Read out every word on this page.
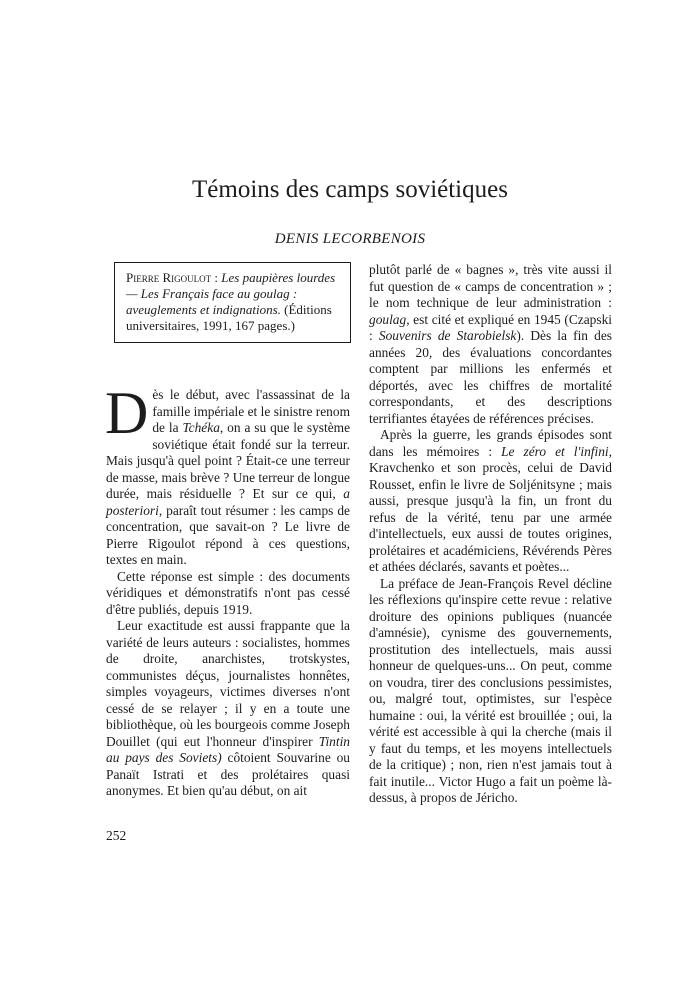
Témoins des camps soviétiques
DENIS LECORBENOIS
Pierre Rigoulot : Les paupières lourdes — Les Français face au goulag : aveuglements et indignations. (Éditions universitaires, 1991, 167 pages.)

Dès le début, avec l'assassinat de la famille impériale et le sinistre renom de la Tchéka, on a su que le système soviétique était fondé sur la terreur. Mais jusqu'à quel point ? Était-ce une terreur de masse, mais brève ? Une terreur de longue durée, mais résiduelle ? Et sur ce qui, a posteriori, paraît tout résumer : les camps de concentration, que savait-on ? Le livre de Pierre Rigoulot répond à ces questions, textes en main.

Cette réponse est simple : des documents véridiques et démonstratifs n'ont pas cessé d'être publiés, depuis 1919.

Leur exactitude est aussi frappante que la variété de leurs auteurs : socialistes, hommes de droite, anarchistes, trotskystes, communistes déçus, journalistes honnêtes, simples voyageurs, victimes diverses n'ont cessé de se relayer ; il y en a toute une bibliothèque, où les bourgeois comme Joseph Douillet (qui eut l'honneur d'inspirer Tintin au pays des Soviets) côtoient Souvarine ou Panaït Istrati et des prolétaires quasi anonymes. Et bien qu'au début, on ait

plutôt parlé de « bagnes », très vite aussi il fut question de « camps de concentration » ; le nom technique de leur administration : goulag, est cité et expliqué en 1945 (Czapski : Souvenirs de Starobielsk). Dès la fin des années 20, des évaluations concordantes comptent par millions les enfermés et déportés, avec les chiffres de mortalité correspondants, et des descriptions terrifiantes étayées de références précises.

Après la guerre, les grands épisodes sont dans les mémoires : Le zéro et l'infini, Kravchenko et son procès, celui de David Rousset, enfin le livre de Soljénitsyne ; mais aussi, presque jusqu'à la fin, un front du refus de la vérité, tenu par une armée d'intellectuels, eux aussi de toutes origines, prolétaires et académiciens, Révérends Pères et athées déclarés, savants et poètes...

La préface de Jean-François Revel décline les réflexions qu'inspire cette revue : relative droiture des opinions publiques (nuancée d'amnésie), cynisme des gouvernements, prostitution des intellectuels, mais aussi honneur de quelques-uns... On peut, comme on voudra, tirer des conclusions pessimistes, ou, malgré tout, optimistes, sur l'espèce humaine : oui, la vérité est brouillée ; oui, la vérité est accessible à qui la cherche (mais il y faut du temps, et les moyens intellectuels de la critique) ; non, rien n'est jamais tout à fait inutile... Victor Hugo a fait un poème là-dessus, à propos de Jéricho.

252
